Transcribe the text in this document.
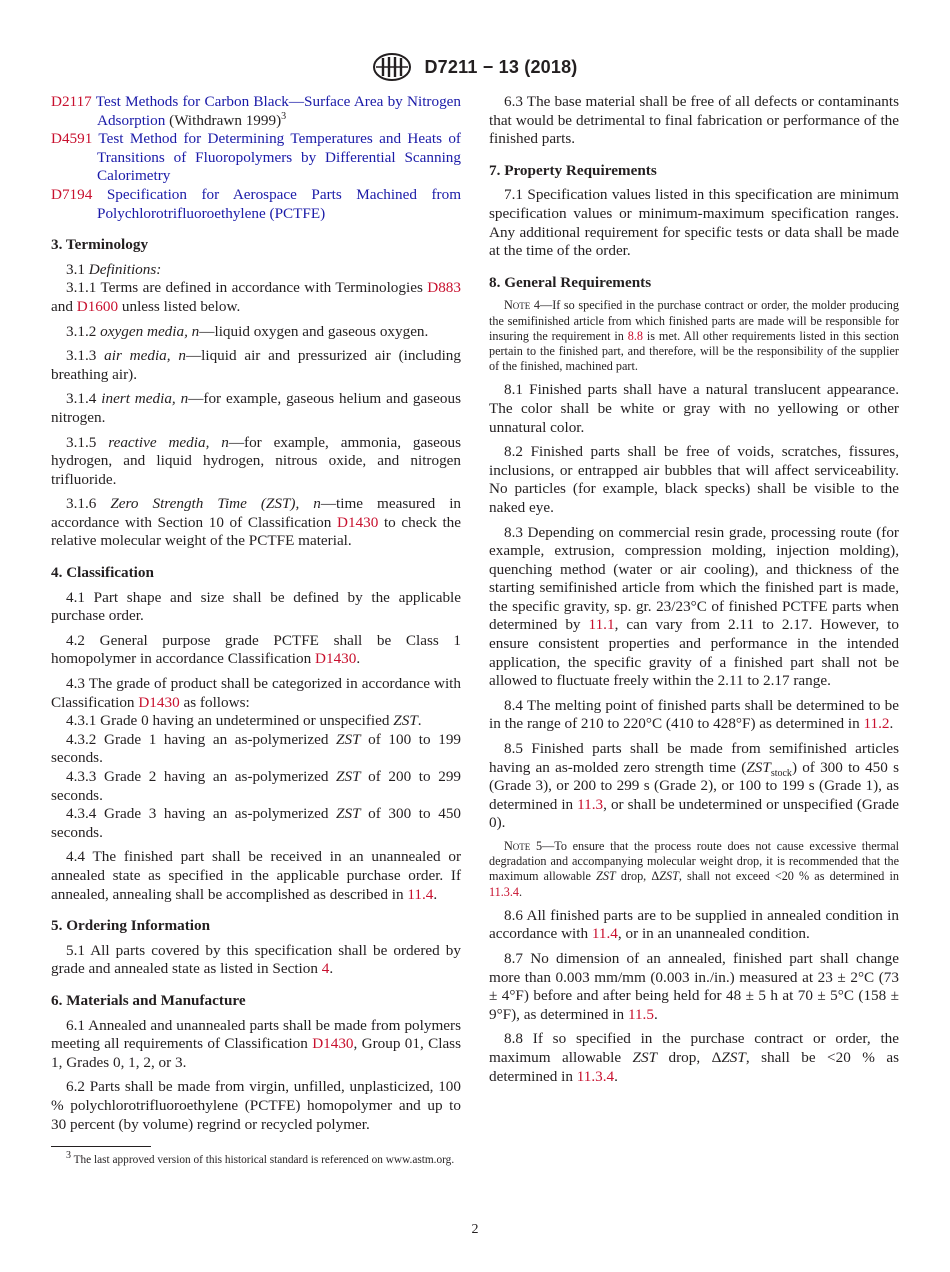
D7211 − 13 (2018)

D2117 Test Methods for Carbon Black—Surface Area by Nitrogen Adsorption (Withdrawn 1999)$^3$

D4591 Test Method for Determining Temperatures and Heats of Transitions of Fluoropolymers by Differential Scanning Calorimetry

D7194 Specification for Aerospace Parts Machined from Polychlorotrifluoroethylene (PCTFE)

3. Terminology

3.1 Definitions:

3.1.1 Terms are defined in accordance with Terminologies D883 and D1600 unless listed below.

3.1.2 oxygen media, n—liquid oxygen and gaseous oxygen.

3.1.3 air media, n—liquid air and pressurized air (including breathing air).

3.1.4 inert media, n—for example, gaseous helium and gaseous nitrogen.

3.1.5 reactive media, n—for example, ammonia, gaseous hydrogen, and liquid hydrogen, nitrous oxide, and nitrogen trifluoride.

3.1.6 Zero Strength Time (ZST), n—time measured in accordance with Section 10 of Classification D1430 to check the relative molecular weight of the PCTFE material.

4. Classification

4.1 Part shape and size shall be defined by the applicable purchase order.

4.2 General purpose grade PCTFE shall be Class 1 homopolymer in accordance Classification D1430.

4.3 The grade of product shall be categorized in accordance with Classification D1430 as follows:

4.3.1 Grade 0 having an undetermined or unspecified ZST.

4.3.2 Grade 1 having an as-polymerized ZST of 100 to 199 seconds.

4.3.3 Grade 2 having an as-polymerized ZST of 200 to 299 seconds.

4.3.4 Grade 3 having an as-polymerized ZST of 300 to 450 seconds.

4.4 The finished part shall be received in an unannealed or annealed state as specified in the applicable purchase order. If annealed, annealing shall be accomplished as described in 11.4.

5. Ordering Information

5.1 All parts covered by this specification shall be ordered by grade and annealed state as listed in Section 4.

6. Materials and Manufacture

6.1 Annealed and unannealed parts shall be made from polymers meeting all requirements of Classification D1430, Group 01, Class 1, Grades 0, 1, 2, or 3.

6.2 Parts shall be made from virgin, unfilled, unplasticized, 100 % polychlorotrifluoroethylene (PCTFE) homopolymer and up to 30 percent (by volume) regrind or recycled polymer.

$^3$ The last approved version of this historical standard is referenced on www.astm.org.

6.3 The base material shall be free of all defects or contaminants that would be detrimental to final fabrication or performance of the finished parts.

7. Property Requirements

7.1 Specification values listed in this specification are minimum specification values or minimum-maximum specification ranges. Any additional requirement for specific tests or data shall be made at the time of the order.

8. General Requirements

Note 4—If so specified in the purchase contract or order, the molder producing the semifinished article from which finished parts are made will be responsible for insuring the requirement in 8.8 is met. All other requirements listed in this section pertain to the finished part, and therefore, will be the responsibility of the supplier of the finished, machined part.

8.1 Finished parts shall have a natural translucent appearance. The color shall be white or gray with no yellowing or other unnatural color.

8.2 Finished parts shall be free of voids, scratches, fissures, inclusions, or entrapped air bubbles that will affect serviceability. No particles (for example, black specks) shall be visible to the naked eye.

8.3 Depending on commercial resin grade, processing route (for example, extrusion, compression molding, injection molding), quenching method (water or air cooling), and thickness of the starting semifinished article from which the finished part is made, the specific gravity, sp. gr. 23/23°C of finished PCTFE parts when determined by 11.1, can vary from 2.11 to 2.17. However, to ensure consistent properties and performance in the intended application, the specific gravity of a finished part shall not be allowed to fluctuate freely within the 2.11 to 2.17 range.

8.4 The melting point of finished parts shall be determined to be in the range of 210 to 220°C (410 to 428°F) as determined in 11.2.

8.5 Finished parts shall be made from semifinished articles having an as-molded zero strength time $(ZST_{stock})$ of 300 to 450 s (Grade 3), or 200 to 299 s (Grade 2), or 100 to 199 s (Grade 1), as determined in 11.3, or shall be undetermined or unspecified (Grade 0).

Note 5—To ensure that the process route does not cause excessive thermal degradation and accompanying molecular weight drop, it is recommended that the maximum allowable ZST drop, ΔZST, shall not exceed <20 % as determined in 11.3.4.

8.6 All finished parts are to be supplied in annealed condition in accordance with 11.4, or in an unannealed condition.

8.7 No dimension of an annealed, finished part shall change more than 0.003 mm/mm (0.003 in./in.) measured at 23 ± 2°C (73 ± 4°F) before and after being held for 48 ± 5 h at 70 ± 5°C (158 ± 9°F), as determined in 11.5.

8.8 If so specified in the purchase contract or order, the maximum allowable ZST drop, ΔZST, shall be <20 % as determined in 11.3.4.

2
